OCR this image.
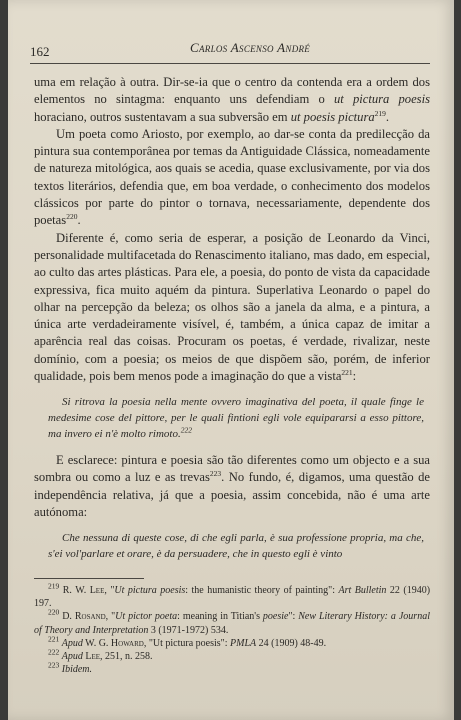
162	Carlos Ascenso André

uma em relação à outra. Dir-se-ia que o centro da contenda era a ordem dos elementos no sintagma: enquanto uns defendiam o ut pictura poesis horaciano, outros sustentavam a sua subversão em ut poesis pictura$^{219}$.

Um poeta como Ariosto, por exemplo, ao dar-se conta da predilecção da pintura sua contemporânea por temas da Antiguidade Clássica, nomeadamente de natureza mitológica, aos quais se acedia, quase exclusivamente, por via dos textos literários, defendia que, em boa verdade, o conhecimento dos modelos clássicos por parte do pintor o tornava, necessariamente, dependente dos poetas$^{220}$.

Diferente é, como seria de esperar, a posição de Leonardo da Vinci, personalidade multifacetada do Renascimento italiano, mas dado, em especial, ao culto das artes plásticas. Para ele, a poesia, do ponto de vista da capacidade expressiva, fica muito aquém da pintura. Superlativa Leonardo o papel do olhar na percepção da beleza; os olhos são a janela da alma, e a pintura, a única arte verdadeiramente visível, é, também, a única capaz de imitar a aparência real das coisas. Procuram os poetas, é verdade, rivalizar, neste domínio, com a poesia; os meios de que dispõem são, porém, de inferior qualidade, pois bem menos pode a imaginação do que a vista$^{221}$:

Si ritrova la poesia nella mente ovvero imaginativa del poeta, il quale finge le medesime cose del pittore, per le quali fintioni egli vole equipararsi a esso pittore, ma invero ei n'è molto rimoto.$^{222}$

E esclarece: pintura e poesia são tão diferentes como um objecto e a sua sombra ou como a luz e as trevas$^{223}$. No fundo, é, digamos, uma questão de independência relativa, já que a poesia, assim concebida, não é uma arte autónoma:

Che nessuna di queste cose, di che egli parla, è sua professione propria, ma che, s'ei vol'parlare et orare, è da persuadere, che in questo egli è vinto

$^{219}$ R. W. Lee, "Ut pictura poesis: the humanistic theory of painting": Art Bulletin 22 (1940) 197.

$^{220}$ D. Rosand, "Ut pictor poeta: meaning in Titian's poesie": New Literary History: a Journal of Theory and Interpretation 3 (1971-1972) 534.

$^{221}$ Apud W. G. Howard, "Ut pictura poesis": PMLA 24 (1909) 48-49.

$^{222}$ Apud Lee, 251, n. 258.

$^{223}$ Ibidem.
